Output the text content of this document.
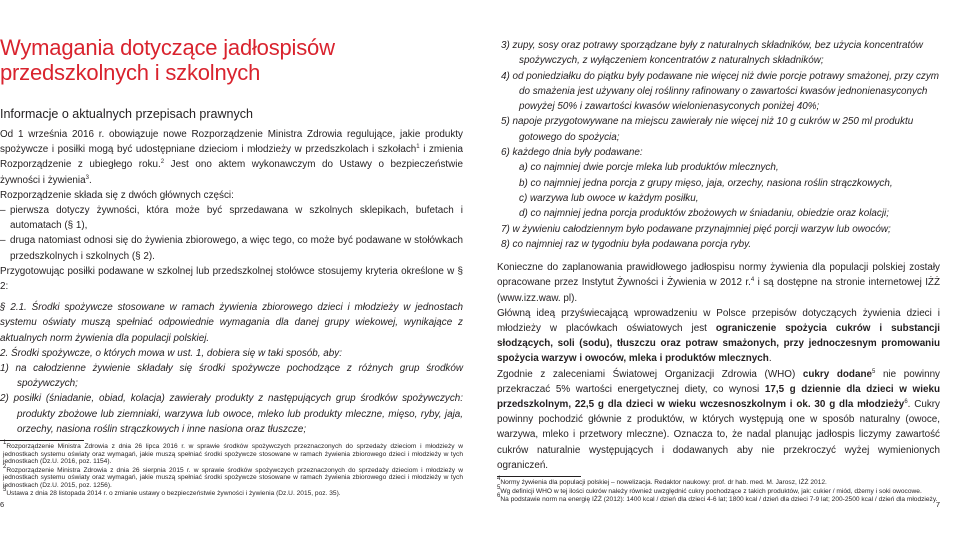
Wymagania dotyczące jadłospisów
przedszkolnych i szkolnych
Informacje o aktualnych przepisach prawnych

Od 1 września 2016 r. obowiązuje nowe Rozporządzenie Ministra Zdrowia regulujące, jakie produkty spożywcze i posiłki mogą być udostępniane dzieciom i młodzieży w przedszkolach i szkołach$^1$ i zmienia Rozporządzenie z ubiegłego roku.$^2$ Jest ono aktem wykonawczym do Ustawy o bezpieczeństwie żywności i żywienia$^3$.

Rozporządzenie składa się z dwóch głównych części:

– pierwsza dotyczy żywności, która może być sprzedawana w szkolnych sklepikach, bufetach i automatach (§ 1),

– druga natomiast odnosi się do żywienia zbiorowego, a więc tego, co może być podawane w stołówkach przedszkolnych i szkolnych (§ 2).

Przygotowując posiłki podawane w szkolnej lub przedszkolnej stołówce stosujemy kryteria określone w § 2:

§ 2.1. Środki spożywcze stosowane w ramach żywienia zbiorowego dzieci i młodzieży w jednostach systemu oświaty muszą spełniać odpowiednie wymagania dla danej grupy wiekowej, wynikające z aktualnych norm żywienia dla populacji polskiej.

2. Środki spożywcze, o których mowa w ust. 1, dobiera się w taki sposób, aby:

1) na całodzienne żywienie składały się środki spożywcze pochodzące z różnych grup środków spożywczych;

2) posiłki (śniadanie, obiad, kolacja) zawierały produkty z następujących grup środków spożywczych: produkty zbożowe lub ziemniaki, warzywa lub owoce, mleko lub produkty mleczne, mięso, ryby, jaja, orzechy, nasiona roślin strączkowych i inne nasiona oraz tłuszcze;

$^1$Rozporządzenie Ministra Zdrowia z dnia 26 lipca 2016 r. w sprawie środków spożywczych przeznaczonych do sprzedaży dzieciom i młodzieży w jednostkach systemu oświaty oraz wymagań, jakie muszą spełniać środki spożywcze stosowane w ramach żywienia zbiorowego dzieci i młodzieży w tych jednostkach (Dz.U. 2016, poz. 1154).

$^2$Rozporządzenie Ministra Zdrowia z dnia 26 sierpnia 2015 r. w sprawie środków spożywczych przeznaczonych do sprzedaży dzieciom i młodzieży w jednostkach systemu oświaty oraz wymagań, jakie muszą spełniać środki spożywcze stosowane w ramach żywienia zbiorowego dzieci i młodzieży w tych jednostkach (Dz.U. 2015, poz. 1256).

$^3$Ustawa z dnia 28 listopada 2014 r. o zmianie ustawy o bezpieczeństwie żywności i żywienia (Dz.U. 2015, poz. 35).

6
3) zupy, sosy oraz potrawy sporządzane były z naturalnych składników, bez użycia koncentratów spożywczych, z wyłączeniem koncentratów z naturalnych składników;
4) od poniedziałku do piątku były podawane nie więcej niż dwie porcje potrawy smażonej, przy czym do smażenia jest używany olej roślinny rafinowany o zawartości kwasów jednonienasyconych powyżej 50% i zawartości kwasów wielonienasyconych poniżej 40%;
5) napoje przygotowywane na miejscu zawierały nie więcej niż 10 g cukrów w 250 ml produktu gotowego do spożycia;
6) każdego dnia były podawane:
a) co najmniej dwie porcje mleka lub produktów mlecznych,
b) co najmniej jedna porcja z grupy mięso, jaja, orzechy, nasiona roślin strączkowych,
c) warzywa lub owoce w każdym posiłku,
d) co najmniej jedna porcja produktów zbożowych w śniadaniu, obiedzie oraz kolacji;
7) w żywieniu całodziennym było podawane przynajmniej pięć porcji warzyw lub owoców;
8) co najmniej raz w tygodniu była podawana porcja ryby.

Konieczne do zaplanowania prawidłowego jadłospisu normy żywienia dla populacji polskiej zostały opracowane przez Instytut Żywności i Żywienia w 2012 r.$^4$ i są dostępne na stronie internetowej IŻŻ (www.izz.waw. pl).

Główną ideą przyświecającą wprowadzeniu w Polsce przepisów dotyczących żywienia dzieci i młodzieży w placówkach oświatowych jest ograniczenie spożycia cukrów i substancji słodzących, soli (sodu), tłuszczu oraz potraw smażonych, przy jednoczesnym promowaniu spożycia warzyw i owoców, mleka i produktów mlecznych.

Zgodnie z zaleceniami Światowej Organizacji Zdrowia (WHO) cukry dodane$^5$ nie powinny przekraczać 5% wartości energetycznej diety, co wynosi 17,5 g dziennie dla dzieci w wieku przedszkolnym, 22,5 g dla dzieci w wieku wczesnoszkolnym i ok. 30 g dla młodzieży$^6$. Cukry powinny pochodzić głównie z produktów, w których występują one w sposób naturalny (owoce, warzywa, mleko i przetwory mleczne). Oznacza to, że nadal planując jadłospis liczymy zawartość cukrów naturalnie występujących i dodawanych aby nie przekroczyć wyżej wymienionych ograniczeń.

$^4$Normy żywienia dla populacji polskiej – nowelizacja. Redaktor naukowy: prof. dr hab. med. M. Jarosz, IŻŻ 2012.

$^5$Wg definicji WHO w tej ilości cukrów należy również uwzględnić cukry pochodzące z takich produktów, jak: cukier / miód, dżemy i soki owocowe.

$^6$Na podstawie norm na energię IŻŻ (2012): 1400 kcal / dzień dla dzieci 4-6 lat; 1800 kcal / dzień dla dzieci 7-9 lat; 200-2500 kcal / dzień dla młodzieży.

7
